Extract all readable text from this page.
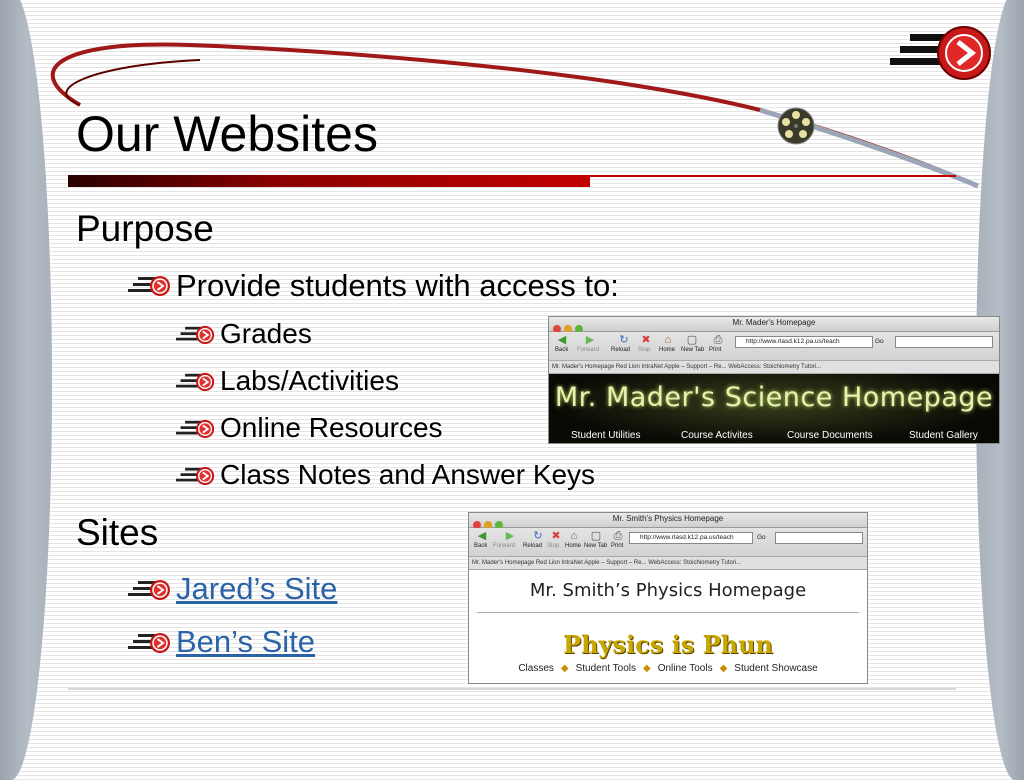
Our Websites
Purpose
Provide students with access to:
Grades
Labs/Activities
Online Resources
Class Notes and Answer Keys
Sites
Jared’s Site
Ben’s Site
Mr. Mader's Homepage
◀ ▶ ↻ ✖	⌂	▢ ⎙
Back Forward Reload Stop Home New Tab Print
http://www.rlasd.k12.pa.us/teach	Go
Mr. Mader's Homepage Red Lion IntraNet Apple – Support – Re... WebAccess: Stoichiometry Tutori...
Mr. Mader's Science Homepage
Student Utilities	Course Activites	Course Documents	Student Gallery
Mr. Smith's Physics Homepage
◀ ▶ ↻ ✖ ⌂	▢ ⎙
Back Forward Reload Stop Home New Tab Print
http://www.rlasd.k12.pa.us/teach	Go
Mr. Mader's Homepage Red Lion IntraNet Apple – Support – Re... WebAccess: Stoichiometry Tutori...
Mr. Smith’s Physics Homepage
Physics is Phun
Classes ◆ Student Tools ◆ Online Tools ◆ Student Showcase
